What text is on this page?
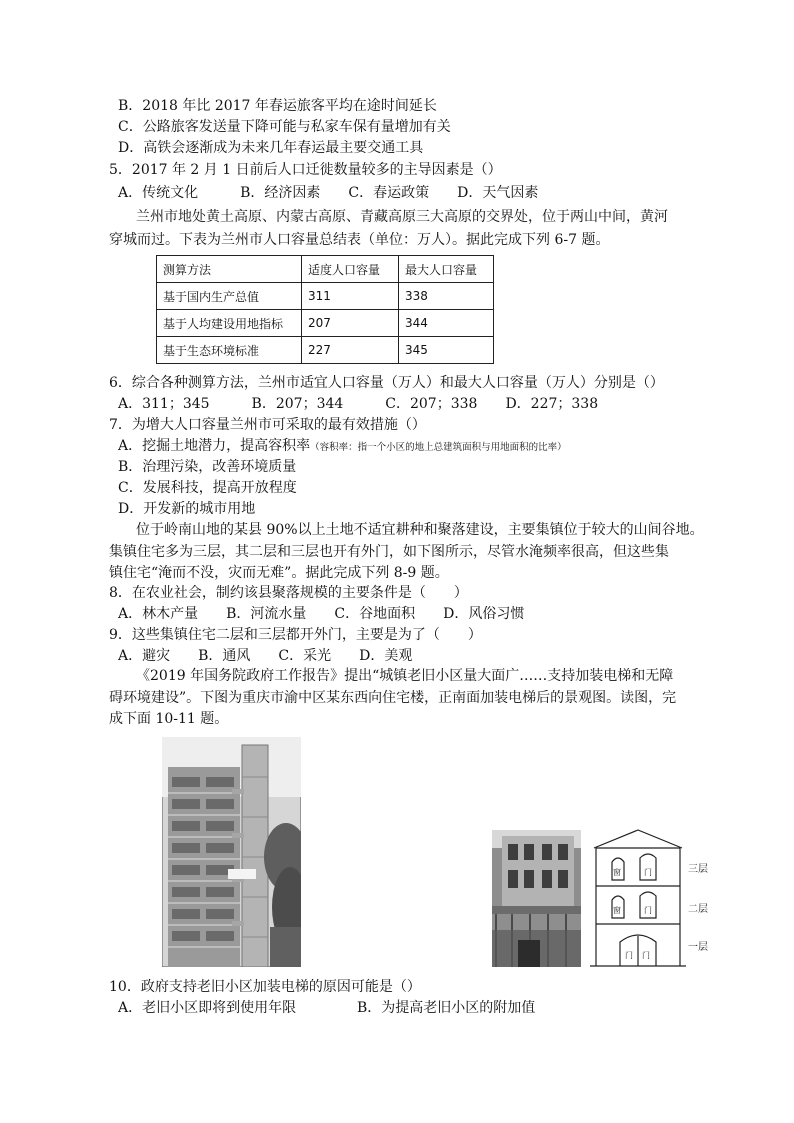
B．2018 年比 2017 年春运旅客平均在途时间延长
C．公路旅客发送量下降可能与私家车保有量增加有关
D．高铁会逐渐成为未来几年春运最主要交通工具
5．2017 年 2 月 1 日前后人口迁徙数量较多的主导因素是（）
A．传统文化　　　B．经济因素　　C．春运政策　　D．天气因素
兰州市地处黄土高原、内蒙古高原、青藏高原三大高原的交界处，位于两山中间，黄河
穿城而过。下表为兰州市人口容量总结表（单位：万人）。据此完成下列 6-7 题。
测算方法	适度人口容量	最大人口容量
基于国内生产总值	311	338
基于人均建设用地指标	207	344
基于生态环境标准	227	345
6．综合各种测算方法，兰州市适宜人口容量（万人）和最大人口容量（万人）分别是（）
A．311；345　　　B．207；344　　　C．207；338　　D．227；338
7．为增大人口容量兰州市可采取的最有效措施（）
A．挖掘土地潜力，提高容积率（容积率：指一个小区的地上总建筑面积与用地面积的比率）
B．治理污染，改善环境质量
C．发展科技，提高开放程度
D．开发新的城市用地
位于岭南山地的某县 90%以上土地不适宜耕种和聚落建设，主要集镇位于较大的山间谷地。
集镇住宅多为三层，其二层和三层也开有外门，如下图所示，尽管水淹频率很高，但这些集
镇住宅“淹而不没，灾而无难”。据此完成下列 8-9 题。
8．在农业社会，制约该县聚落规模的主要条件是（　　）
A．林木产量　　B．河流水量　　C．谷地面积　　D．风俗习惯
9．这些集镇住宅二层和三层都开外门，主要是为了（　　）
A．避灾　　B．通风　　C．采光　　D．美观
《2019 年国务院政府工作报告》提出“城镇老旧小区量大面广……支持加装电梯和无障
碍环境建设”。下图为重庆市渝中区某东西向住宅楼，正南面加装电梯后的景观图。读图，完
成下面 10-11 题。
窗	门
窗	门
门 门
三层
二层
一层
10．政府支持老旧小区加装电梯的原因可能是（）
A．老旧小区即将到使用年限	B．为提高老旧小区的附加值
